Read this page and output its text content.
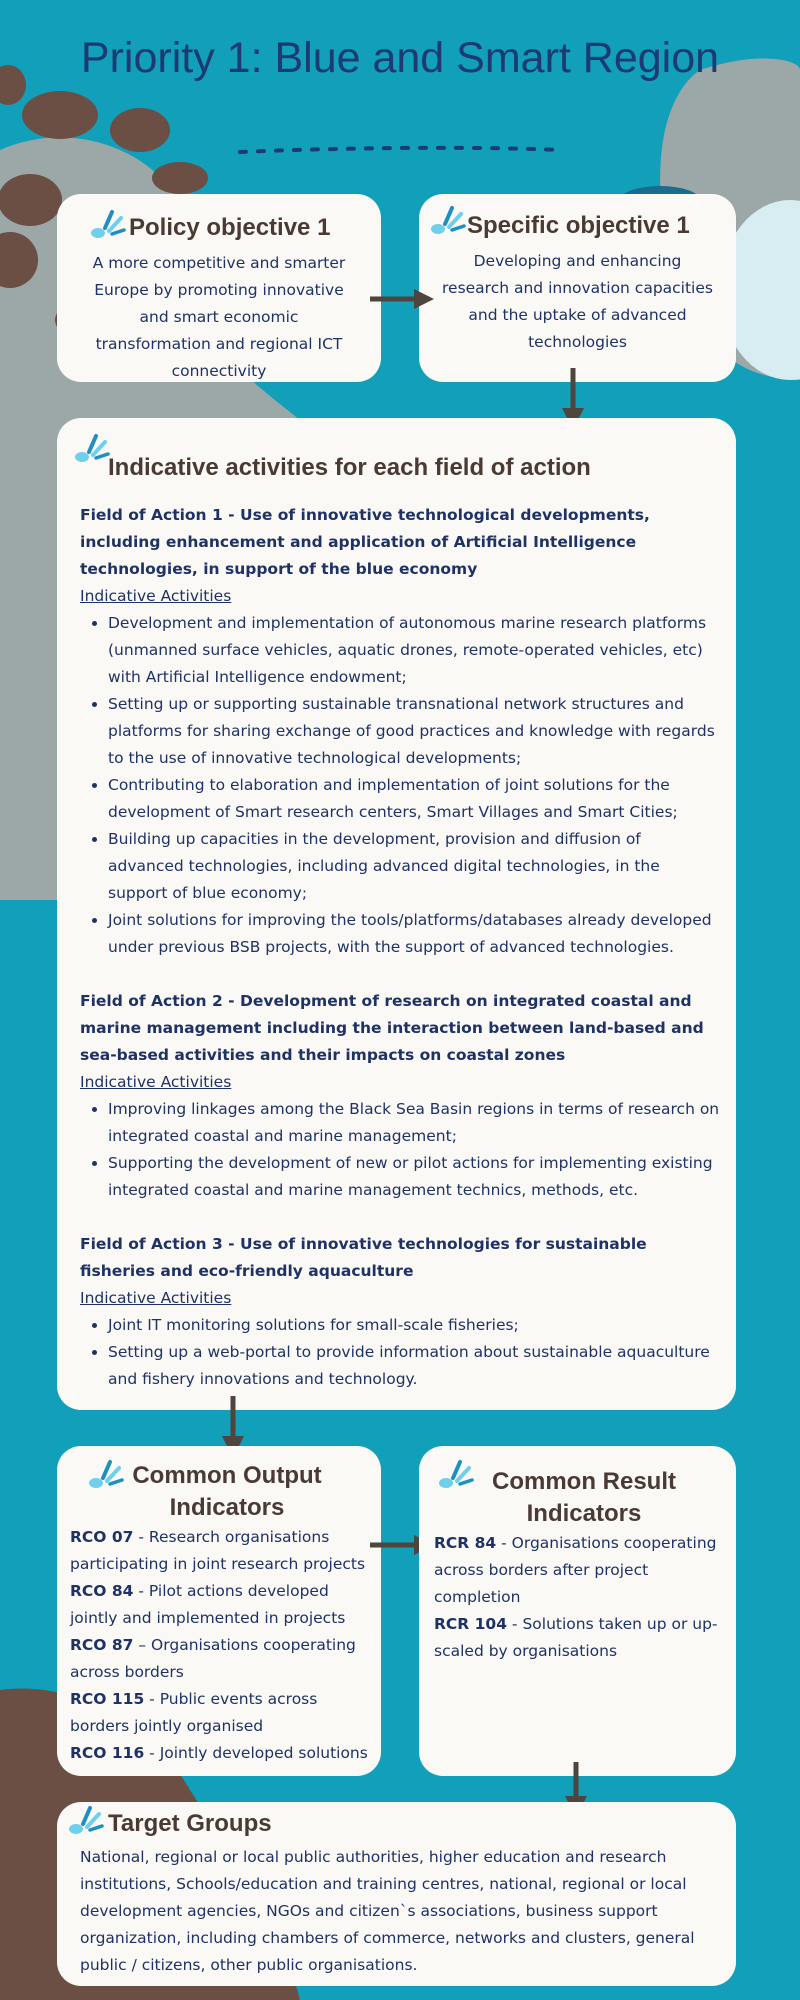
Priority 1: Blue and Smart Region
Policy objective 1
A more competitive and smarter Europe by promoting innovative and smart economic transformation and regional ICT connectivity
Specific objective 1
Developing and enhancing research and innovation capacities and the uptake of advanced technologies
Indicative activities for each field of action

Field of Action 1 - Use of innovative technological developments, including enhancement and application of Artificial Intelligence technologies, in support of the blue economy

Indicative Activities

• Development and implementation of autonomous marine research platforms (unmanned surface vehicles, aquatic drones, remote-operated vehicles, etc) with Artificial Intelligence endowment;
• Setting up or supporting sustainable transnational network structures and platforms for sharing exchange of good practices and knowledge with regards to the use of innovative technological developments;
• Contributing to elaboration and implementation of joint solutions for the development of Smart research centers, Smart Villages and Smart Cities;
• Building up capacities in the development, provision and diffusion of advanced technologies, including advanced digital technologies, in the support of blue economy;
• Joint solutions for improving the tools/platforms/databases already developed under previous BSB projects, with the support of advanced technologies.

Field of Action 2 - Development of research on integrated coastal and marine management including the interaction between land-based and sea-based activities and their impacts on coastal zones

Indicative Activities

• Improving linkages among the Black Sea Basin regions in terms of research on integrated coastal and marine management;
• Supporting the development of new or pilot actions for implementing existing integrated coastal and marine management technics, methods, etc.

Field of Action 3 - Use of innovative technologies for sustainable fisheries and eco-friendly aquaculture

Indicative Activities

• Joint IT monitoring solutions for small-scale fisheries;
• Setting up a web-portal to provide information about sustainable aquaculture and fishery innovations and technology.
Common Output
Indicators

RCO 07 - Research organisations participating in joint research projects

RCO 84 - Pilot actions developed jointly and implemented in projects

RCO 87 – Organisations cooperating across borders

RCO 115 - Public events across borders jointly organised

RCO 116 - Jointly developed solutions

Common Result
Indicators

RCR 84 - Organisations cooperating across borders after project completion

RCR 104 - Solutions taken up or up-scaled by organisations

Target Groups
National, regional or local public authorities, higher education and research institutions, Schools/education and training centres, national, regional or local development agencies, NGOs and citizen`s associations, business support organization, including chambers of commerce, networks and clusters, general public / citizens, other public organisations.
